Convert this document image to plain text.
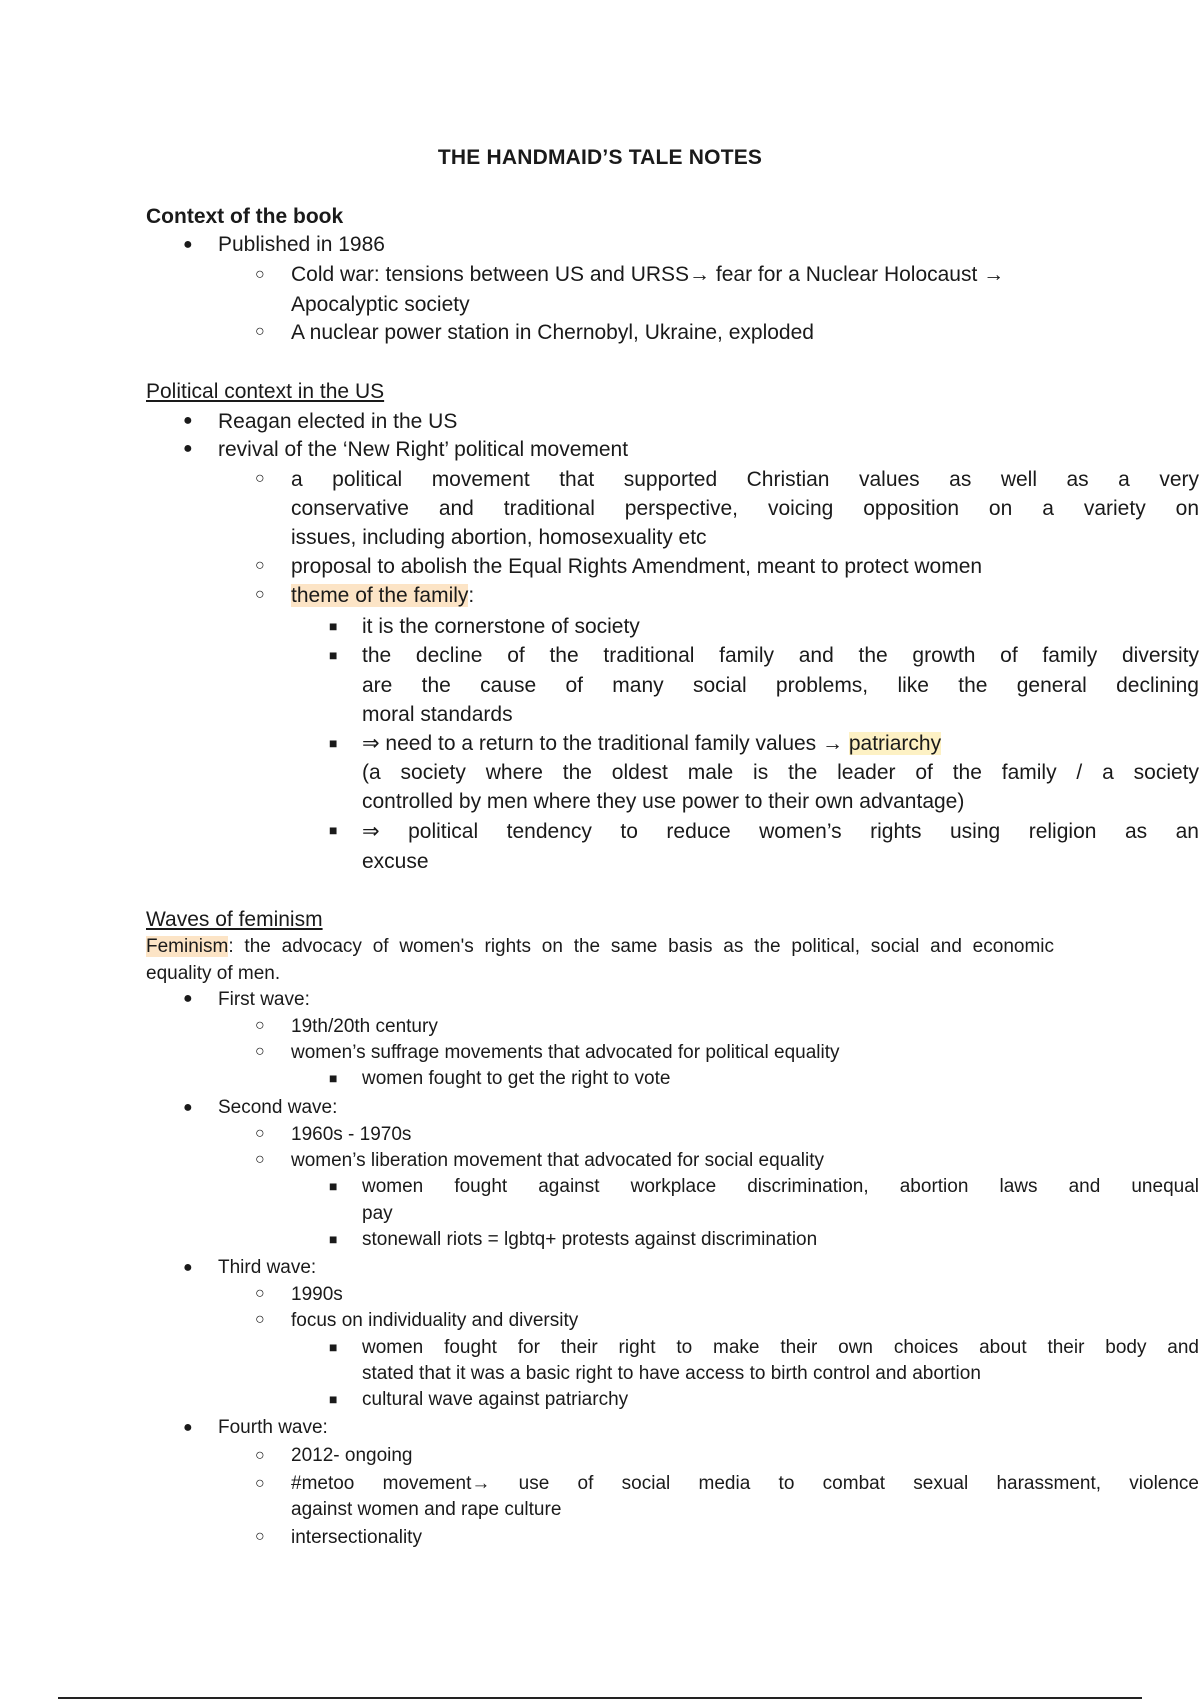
THE HANDMAID’S TALE NOTES
Context of the book
● Published in 1986
○ Cold war: tensions between US and URSS→ fear for a Nuclear Holocaust →
Apocalyptic society
○ A nuclear power station in Chernobyl, Ukraine, exploded
Political context in the US
● Reagan elected in the US
● revival of the ‘New Right’ political movement
○ a political movement that supported Christian values as well as a very
conservative and traditional perspective, voicing opposition on a variety on
issues, including abortion, homosexuality etc
○ proposal to abolish the Equal Rights Amendment, meant to protect women
○ theme of the family:
■ it is the cornerstone of society
■ the decline of the traditional family and the growth of family diversity
are the cause of many social problems, like the general declining
moral standards
■ ⇒ need to a return to the traditional family values → patriarchy
(a society where the oldest male is the leader of the family / a society
controlled by men where they use power to their own advantage)
■ ⇒ political tendency to reduce women’s rights using religion as an
excuse
Waves of feminism
Feminism: the advocacy of women's rights on the same basis as the political, social and economic
equality of men.
● First wave:
○ 19th/20th century
○ women’s suffrage movements that advocated for political equality
■ women fought to get the right to vote
● Second wave:
○ 1960s - 1970s
○ women’s liberation movement that advocated for social equality
■ women fought against workplace discrimination, abortion laws and unequal
pay
■ stonewall riots = lgbtq+ protests against discrimination
● Third wave:
○ 1990s
○ focus on individuality and diversity
■ women fought for their right to make their own choices about their body and
stated that it was a basic right to have access to birth control and abortion
■ cultural wave against patriarchy
● Fourth wave:
○ 2012- ongoing
○ #metoo movement→ use of social media to combat sexual harassment, violence
against women and rape culture
○ intersectionality
